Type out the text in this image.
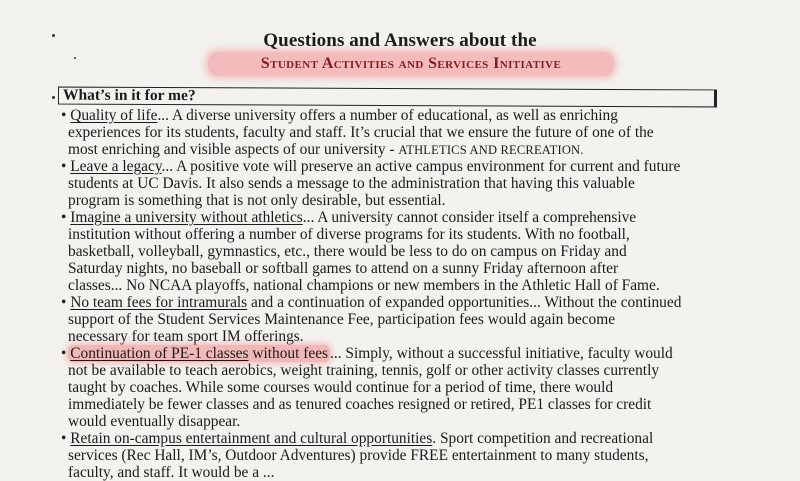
Questions and Answers about the
Student Activities and Services Initiative
What’s in it for me?
• Quality of life... A diverse university offers a number of educational, as well as enriching
experiences for its students, faculty and staff. It’s crucial that we ensure the future of one of the
most enriching and visible aspects of our university - ATHLETICS AND RECREATION.
• Leave a legacy... A positive vote will preserve an active campus environment for current and future
students at UC Davis. It also sends a message to the administration that having this valuable
program is something that is not only desirable, but essential.
• Imagine a university without athletics... A university cannot consider itself a comprehensive
institution without offering a number of diverse programs for its students. With no football,
basketball, volleyball, gymnastics, etc., there would be less to do on campus on Friday and
Saturday nights, no baseball or softball games to attend on a sunny Friday afternoon after
classes... No NCAA playoffs, national champions or new members in the Athletic Hall of Fame.
• No team fees for intramurals and a continuation of expanded opportunities... Without the continued
support of the Student Services Maintenance Fee, participation fees would again become
necessary for team sport IM offerings.
• Continuation of PE-1 classes without fees ... Simply, without a successful initiative, faculty would
not be available to teach aerobics, weight training, tennis, golf or other activity classes currently
taught by coaches. While some courses would continue for a period of time, there would
immediately be fewer classes and as tenured coaches resigned or retired, PE1 classes for credit
would eventually disappear.
• Retain on-campus entertainment and cultural opportunities. Sport competition and recreational
services (Rec Hall, IM’s, Outdoor Adventures) provide FREE entertainment to many students,
faculty, and staff. It would be a ...
